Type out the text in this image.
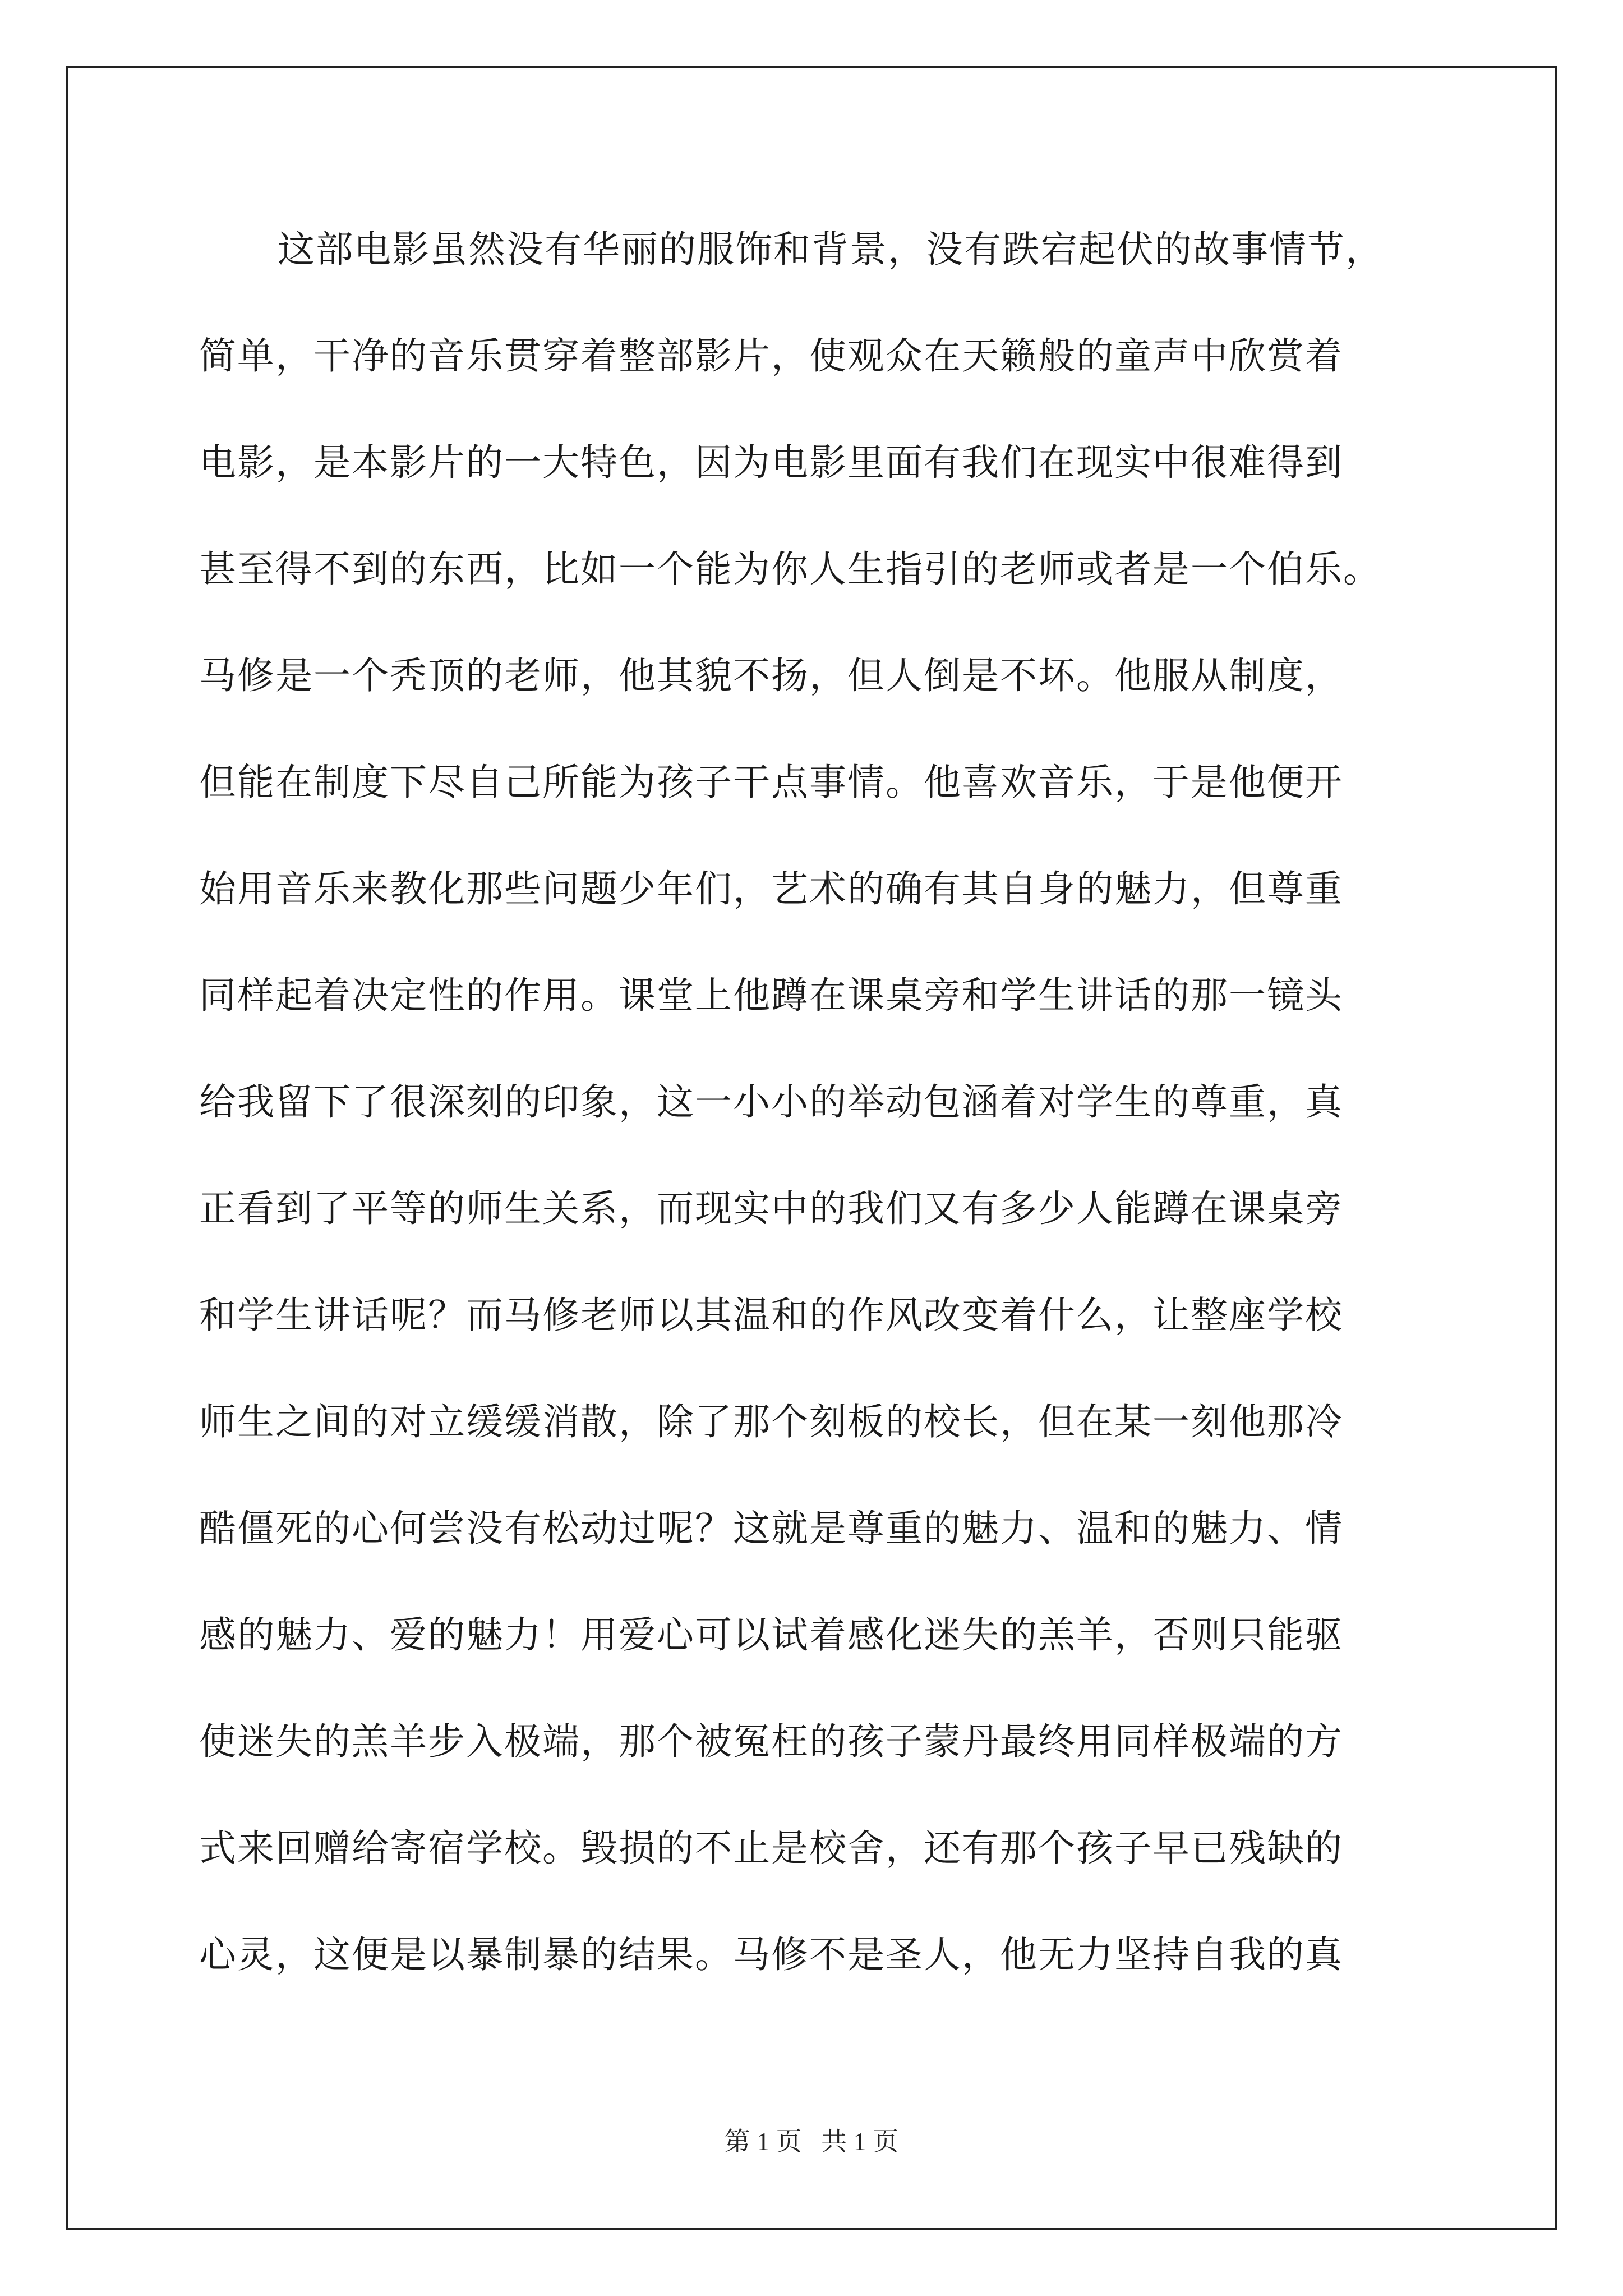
这部电影虽然没有华丽的服饰和背景，没有跌宕起伏的故事情节，
简单，干净的音乐贯穿着整部影片，使观众在天籁般的童声中欣赏着
电影，是本影片的一大特色，因为电影里面有我们在现实中很难得到
甚至得不到的东西，比如一个能为你人生指引的老师或者是一个伯乐。
马修是一个秃顶的老师，他其貌不扬，但人倒是不坏。他服从制度，
但能在制度下尽自己所能为孩子干点事情。他喜欢音乐，于是他便开
始用音乐来教化那些问题少年们，艺术的确有其自身的魅力，但尊重
同样起着决定性的作用。课堂上他蹲在课桌旁和学生讲话的那一镜头
给我留下了很深刻的印象，这一小小的举动包涵着对学生的尊重，真
正看到了平等的师生关系，而现实中的我们又有多少人能蹲在课桌旁
和学生讲话呢？而马修老师以其温和的作风改变着什么，让整座学校
师生之间的对立缓缓消散，除了那个刻板的校长，但在某一刻他那冷
酷僵死的心何尝没有松动过呢？这就是尊重的魅力、温和的魅力、情
感的魅力、爱的魅力！用爱心可以试着感化迷失的羔羊，否则只能驱
使迷失的羔羊步入极端，那个被冤枉的孩子蒙丹最终用同样极端的方
式来回赠给寄宿学校。毁损的不止是校舍，还有那个孩子早已残缺的
心灵，这便是以暴制暴的结果。马修不是圣人，他无力坚持自我的真
第 1 页 共 1 页
